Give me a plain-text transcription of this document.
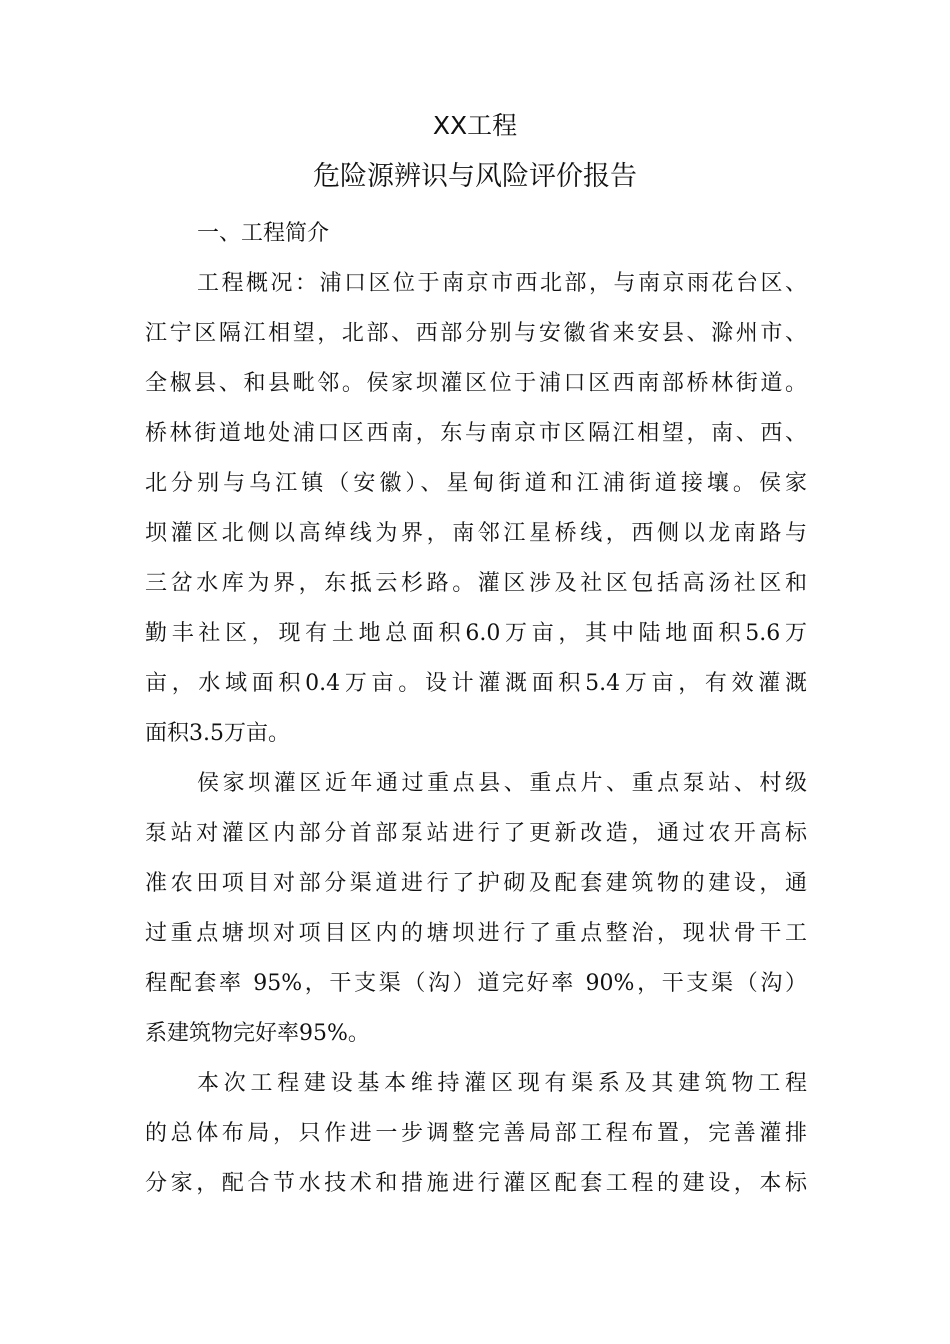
XX工程
危险源辨识与风险评价报告
一、工程简介
工程概况：浦口区位于南京市西北部，与南京雨花台区、
江宁区隔江相望，北部、西部分别与安徽省来安县、滁州市、
全椒县、和县毗邻。侯家坝灌区位于浦口区西南部桥林街道。
桥林街道地处浦口区西南，东与南京市区隔江相望，南、西、
北分别与乌江镇（安徽）、星甸街道和江浦街道接壤。侯家
坝灌区北侧以高绰线为界，南邻江星桥线，西侧以龙南路与
三岔水库为界，东抵云杉路。灌区涉及社区包括高汤社区和
勤丰社区，现有土地总面积6.0万亩，其中陆地面积5.6万
亩，水域面积0.4万亩。设计灌溉面积5.4万亩，有效灌溉
面积3.5万亩。
侯家坝灌区近年通过重点县、重点片、重点泵站、村级
泵站对灌区内部分首部泵站进行了更新改造，通过农开高标
准农田项目对部分渠道进行了护砌及配套建筑物的建设，通
过重点塘坝对项目区内的塘坝进行了重点整治，现状骨干工
程配套率 95%，干支渠（沟）道完好率 90%，干支渠（沟）
系建筑物完好率95%。
本次工程建设基本维持灌区现有渠系及其建筑物工程
的总体布局，只作进一步调整完善局部工程布置，完善灌排
分家，配合节水技术和措施进行灌区配套工程的建设，本标
